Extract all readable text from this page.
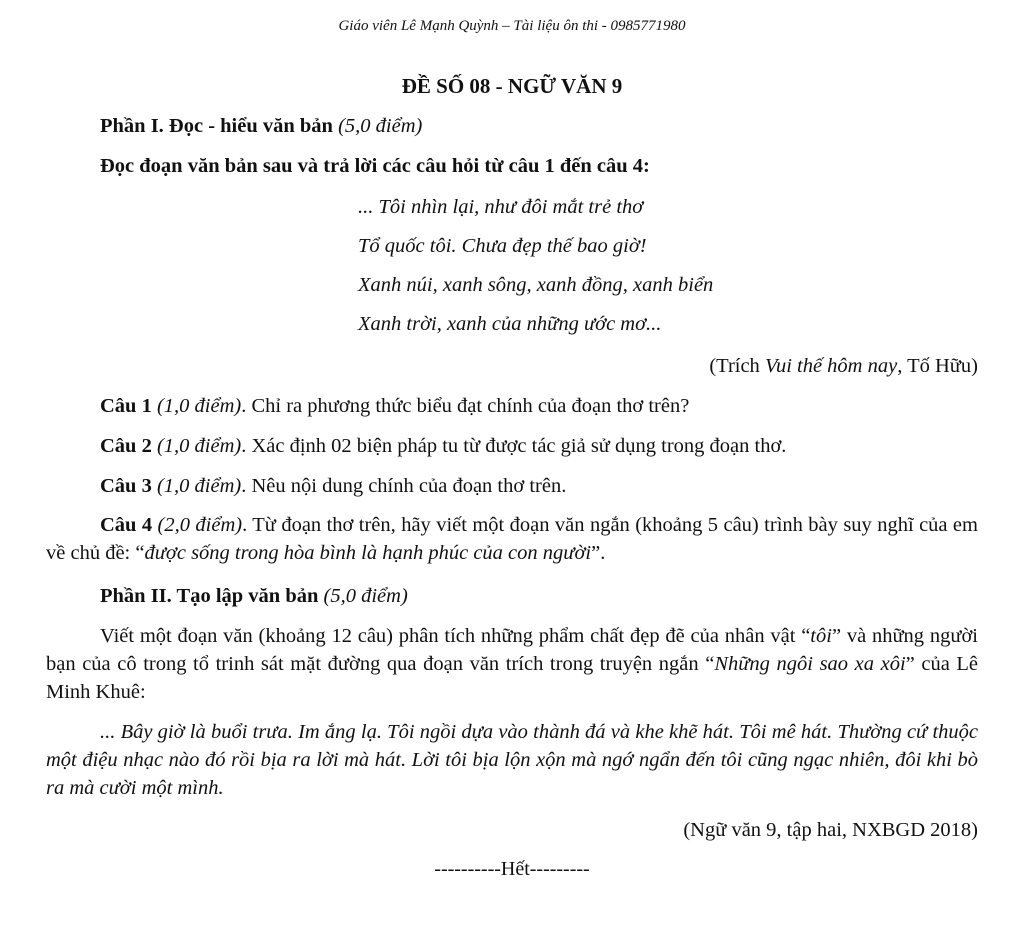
Giáo viên Lê Mạnh Quỳnh – Tài liệu ôn thi - 0985771980
ĐỀ SỐ 08 - NGỮ VĂN 9
Phần I. Đọc - hiểu văn bản (5,0 điểm)
Đọc đoạn văn bản sau và trả lời các câu hỏi từ câu 1 đến câu 4:
... Tôi nhìn lại, như đôi mắt trẻ thơ
Tổ quốc tôi. Chưa đẹp thế bao giờ!
Xanh núi, xanh sông, xanh đồng, xanh biển
Xanh trời, xanh của những ước mơ...
(Trích Vui thế hôm nay, Tố Hữu)
Câu 1 (1,0 điểm). Chỉ ra phương thức biểu đạt chính của đoạn thơ trên?
Câu 2 (1,0 điểm). Xác định 02 biện pháp tu từ được tác giả sử dụng trong đoạn thơ.
Câu 3 (1,0 điểm). Nêu nội dung chính của đoạn thơ trên.
Câu 4 (2,0 điểm). Từ đoạn thơ trên, hãy viết một đoạn văn ngắn (khoảng 5 câu) trình bày suy nghĩ của em về chủ đề: “được sống trong hòa bình là hạnh phúc của con người”.
Phần II. Tạo lập văn bản (5,0 điểm)
Viết một đoạn văn (khoảng 12 câu) phân tích những phẩm chất đẹp đẽ của nhân vật “tôi” và những người bạn của cô trong tổ trinh sát mặt đường qua đoạn văn trích trong truyện ngắn “Những ngôi sao xa xôi” của Lê Minh Khuê:
... Bây giờ là buổi trưa. Im ắng lạ. Tôi ngồi dựa vào thành đá và khe khẽ hát. Tôi mê hát. Thường cứ thuộc một điệu nhạc nào đó rồi bịa ra lời mà hát. Lời tôi bịa lộn xộn mà ngớ ngẩn đến tôi cũng ngạc nhiên, đôi khi bò ra mà cười một mình.
(Ngữ văn 9, tập hai, NXBGD 2018)
----------Hết---------
